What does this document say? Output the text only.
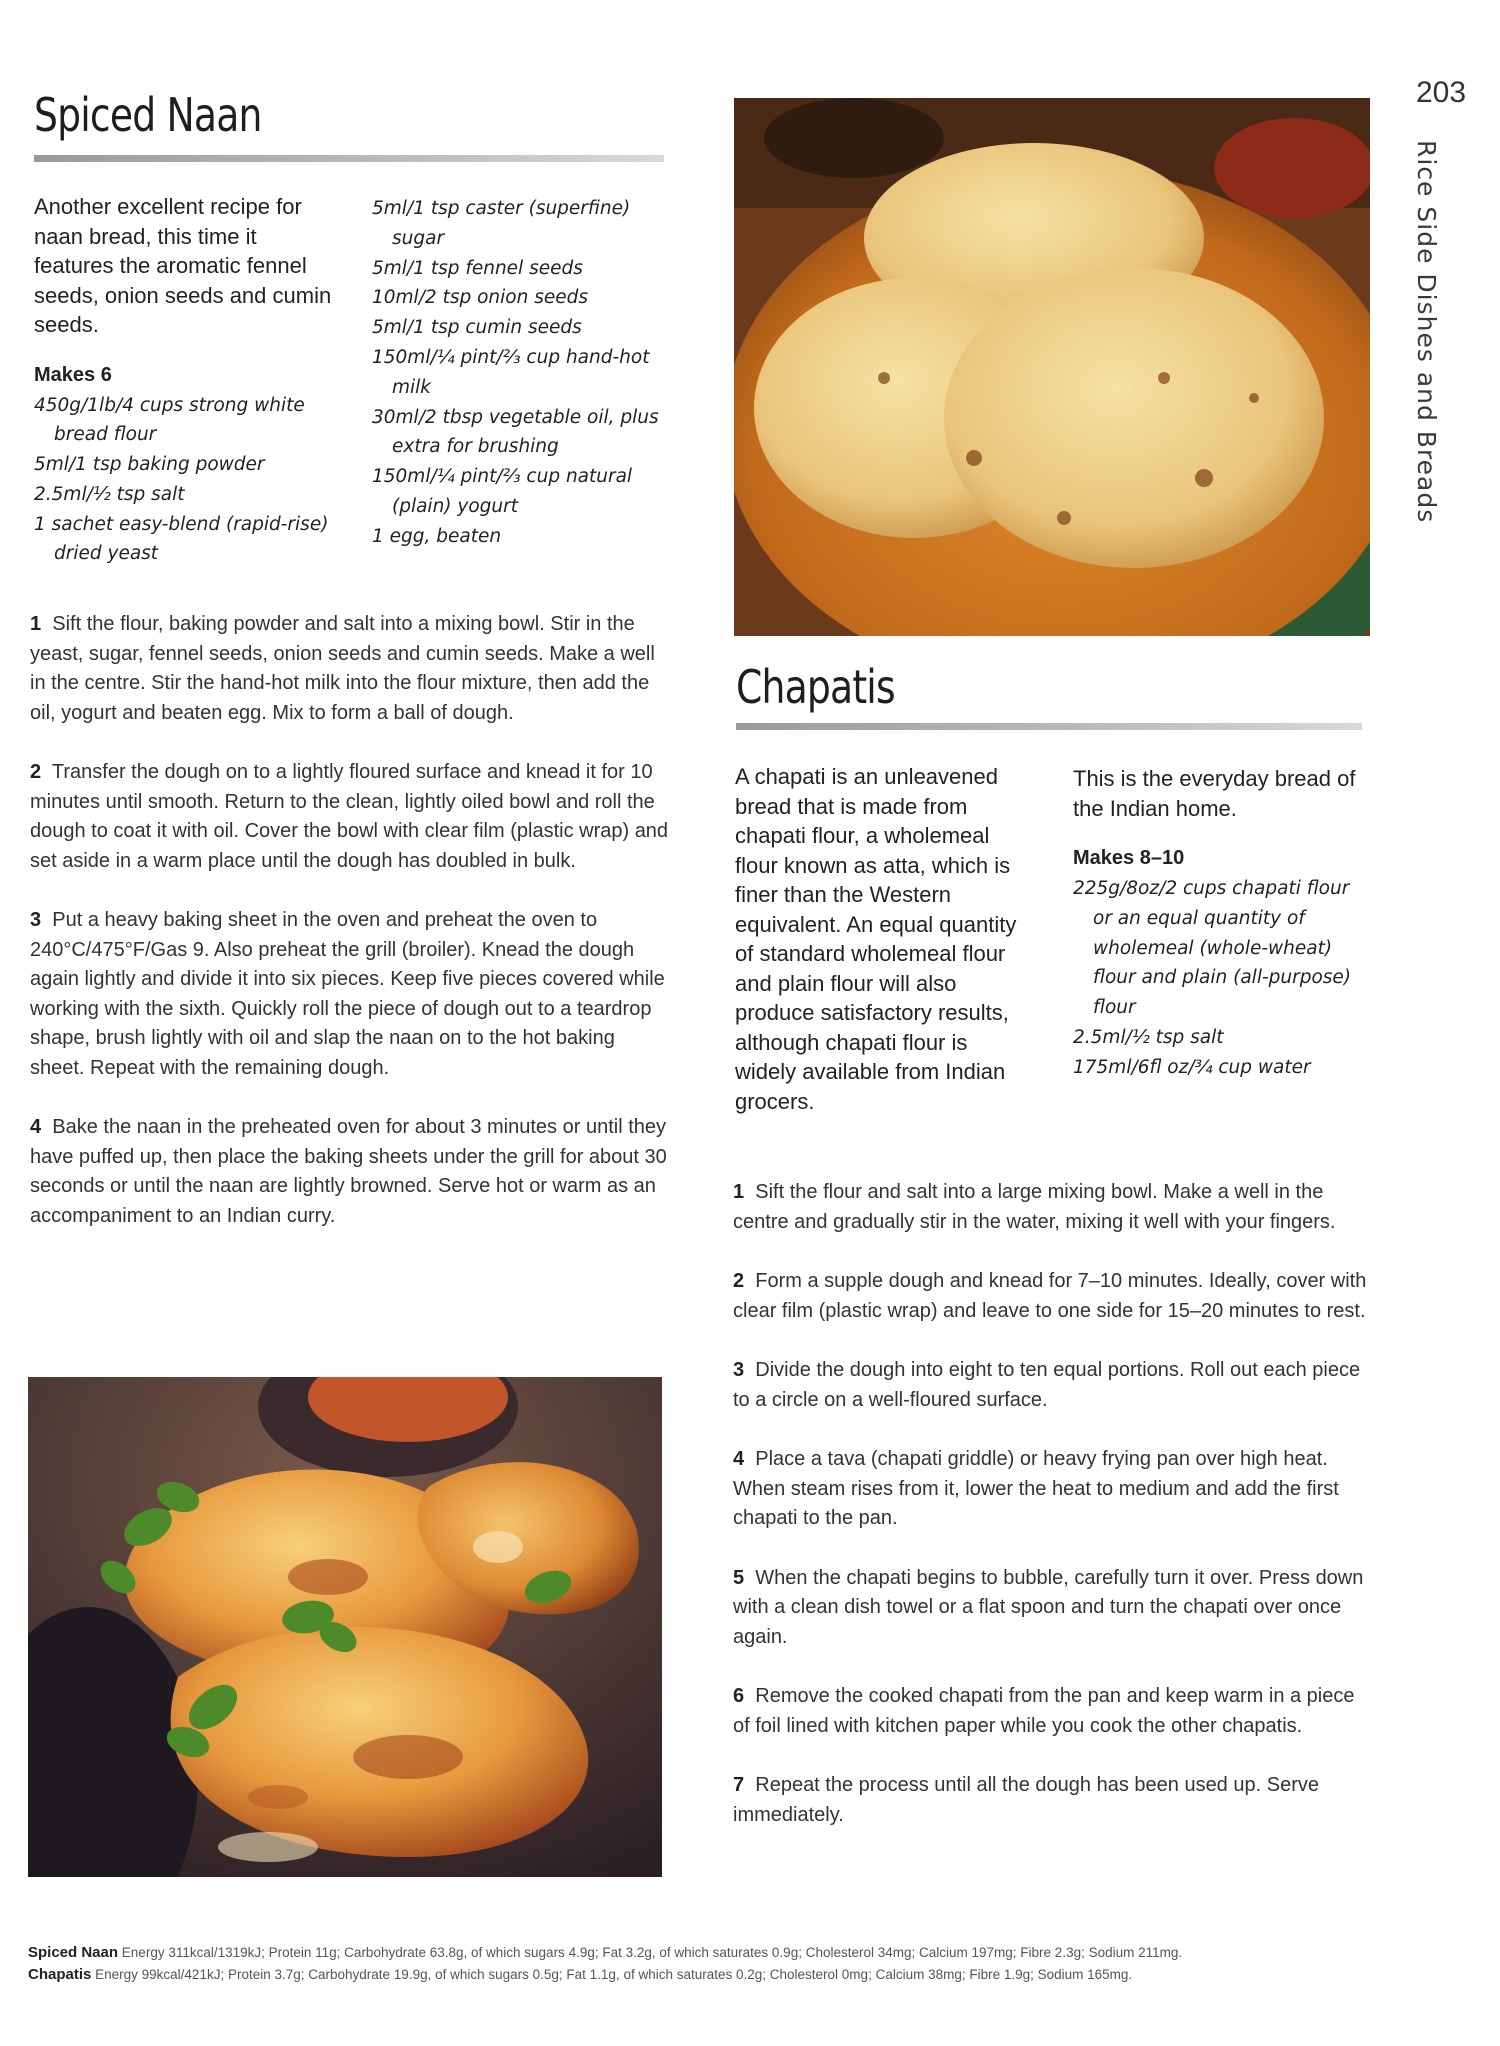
203
Rice Side Dishes and Breads
Spiced Naan
Another excellent recipe for naan bread, this time it features the aromatic fennel seeds, onion seeds and cumin seeds.
Makes 6
450g/1lb/4 cups strong white bread flour
5ml/1 tsp baking powder
2.5ml/½ tsp salt
1 sachet easy-blend (rapid-rise) dried yeast
5ml/1 tsp caster (superfine) sugar
5ml/1 tsp fennel seeds
10ml/2 tsp onion seeds
5ml/1 tsp cumin seeds
150ml/¼ pint/⅔ cup hand-hot milk
30ml/2 tbsp vegetable oil, plus extra for brushing
150ml/¼ pint/⅔ cup natural (plain) yogurt
1 egg, beaten

1 Sift the flour, baking powder and salt into a mixing bowl. Stir in the yeast, sugar, fennel seeds, onion seeds and cumin seeds. Make a well in the centre. Stir the hand-hot milk into the flour mixture, then add the oil, yogurt and beaten egg. Mix to form a ball of dough.

2 Transfer the dough on to a lightly floured surface and knead it for 10 minutes until smooth. Return to the clean, lightly oiled bowl and roll the dough to coat it with oil. Cover the bowl with clear film (plastic wrap) and set aside in a warm place until the dough has doubled in bulk.

3 Put a heavy baking sheet in the oven and preheat the oven to 240°C/475°F/Gas 9. Also preheat the grill (broiler). Knead the dough again lightly and divide it into six pieces. Keep five pieces covered while working with the sixth. Quickly roll the piece of dough out to a teardrop shape, brush lightly with oil and slap the naan on to the hot baking sheet. Repeat with the remaining dough.

4 Bake the naan in the preheated oven for about 3 minutes or until they have puffed up, then place the baking sheets under the grill for about 30 seconds or until the naan are lightly browned. Serve hot or warm as an accompaniment to an Indian curry.

Chapatis
A chapati is an unleavened bread that is made from chapati flour, a wholemeal flour known as atta, which is finer than the Western equivalent. An equal quantity of standard wholemeal flour and plain flour will also produce satisfactory results, although chapati flour is widely available from Indian grocers.
This is the everyday bread of the Indian home.
Makes 8–10
225g/8oz/2 cups chapati flour or an equal quantity of wholemeal (whole-wheat) flour and plain (all-purpose) flour
2.5ml/½ tsp salt
175ml/6fl oz/¾ cup water

1 Sift the flour and salt into a large mixing bowl. Make a well in the centre and gradually stir in the water, mixing it well with your fingers.

2 Form a supple dough and knead for 7–10 minutes. Ideally, cover with clear film (plastic wrap) and leave to one side for 15–20 minutes to rest.

3 Divide the dough into eight to ten equal portions. Roll out each piece to a circle on a well-floured surface.

4 Place a tava (chapati griddle) or heavy frying pan over high heat. When steam rises from it, lower the heat to medium and add the first chapati to the pan.

5 When the chapati begins to bubble, carefully turn it over. Press down with a clean dish towel or a flat spoon and turn the chapati over once again.

6 Remove the cooked chapati from the pan and keep warm in a piece of foil lined with kitchen paper while you cook the other chapatis.

7 Repeat the process until all the dough has been used up. Serve immediately.

Spiced Naan Energy 311kcal/1319kJ; Protein 11g; Carbohydrate 63.8g, of which sugars 4.9g; Fat 3.2g, of which saturates 0.9g; Cholesterol 34mg; Calcium 197mg; Fibre 2.3g; Sodium 211mg.
Chapatis Energy 99kcal/421kJ; Protein 3.7g; Carbohydrate 19.9g, of which sugars 0.5g; Fat 1.1g, of which saturates 0.2g; Cholesterol 0mg; Calcium 38mg; Fibre 1.9g; Sodium 165mg.
